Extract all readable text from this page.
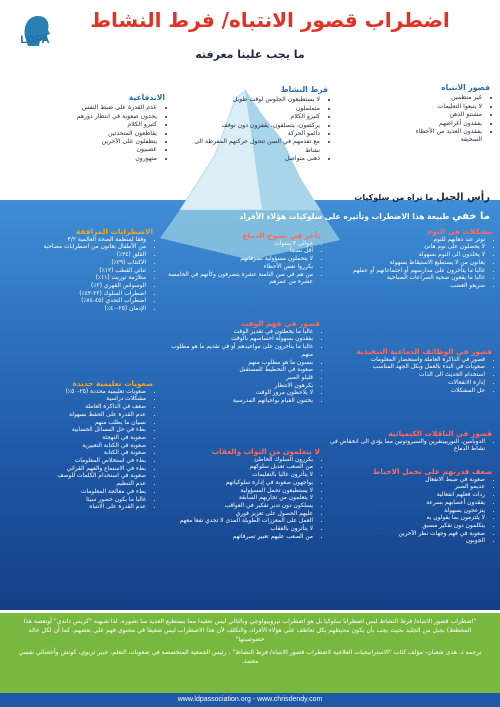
LDPA
اضطراب قصور الانتباه/ فرط النشاط
ما يجب علينا معرفته
قصور الانتباه
• غير منظمين
• لا يتبعوا التعليمات
• مشتتو الذهن
• يفقدون أغراضهم
• يفقدون العديد من الأخطاء السخيفة
فرط النشاط
• لا يستطيعون الجلوس لوقت طويل
• متململون
• كثيرو الكلام
• يركضون، يتسلقون، يقفزون دون توقف
• دائمو الحركة
• مع تقدمهم في السن تتحول حركتهم المفرطة الى نشاط
• ذهنى متواصل
الاندفاعية
• عدم القدرة على ضبط النفس
• يجدون صعوبة في انتظار دورهم
• كثيرو الكلام
• يقاطعون المتحدثين
• يتطفلون على الآخرين
• عصبيون
• متهورون
رأس الجبل ما نراه من سلوكيات
ما خفي طبيعة هذا الاضطراب وتأثيره على سلوكيات هؤلاء الأفراد
مشكلات في النوم
• توتر عند ذهابهم للنوم
• لا يحصلون على نوم هانئ
• لا يخلدون الى النوم بسهولة
• يعانون من لا يستطيع الاستيقاظ بسهولة
• غالبا ما يتأخرون على مدارسهم أو اجتماعاتهم أو عملهم
• غالبا ما يقعون ضحية الصراعات الصباحية
• سريعو الغضب
قصور في الوظائف الدماغية التنفيذية
• قصور في الذاكرة العاملة واستحضار المعلومات
• صعوبات في البدء بالعمل وبكل الجهد المناسب
• استخدام الحديث الى الذات
• إدارة الانفعالات
• حل المشكلات
قصور في الناقلات الكيميائية
• الدوبامين، النوريبينفرين والسيروتونين مما يؤدي الى انخفاض في نشاط الدماغ
ضعف قدرتهم على تحمل الاحباط
• صعوبة في ضبط الانفعال
• عديمو الصبر
• ردات فعلهم انفعالية
• يفقدون أعصابهم بسرعة
• ينزعجون بسهولة
• لا يلتزمون بما يقولون به
• يتكلمون دون تفكير مسبق
• صعوبة في فهم وجهات نظر الآخرين
• الجوبون
تأخر في نضوج الدماغ
• حوالي ٣ سنوات
• أقل نضجاً
• لا يتحملون مسؤولية تصرفاتهم
• يكرروا نفس الأخطاء
• من هم في سن الثامنة عشرة يتصرفون وكأنهم في الخامسة عشرة من عمرهم
قصور في فهم الوقت
• غالبا ما يخطئون في تقدير الوقت
• يفقدون بسهولة احساسهم بالوقت
• غالبا ما يتأخرون على مواعيدهم أو في تقديم ما هو مطلوب منهم
• ينسون ما هو مطلوب منهم
• صعوبة في التخطيط للمستقبل
• قليلو الصبر
• يكرهون الانتظار
• لا يلاحظون مرور الوقت
• يختنون القيام بواجباتهم المدرسية
لا يتعلمون من الثواب والعقاب
• يكررون السلوك الخاطئ
• من الصعب تعديل سلوكهم
• لا يتأثرون غالبا بالتعليمات
• يواجهون صعوبة في إدارة سلوكياتهم
• لا يستطيعون تحمل المسؤولية
• لا يتعلمون من تجاربهم السابقة
• يسلكون دون تدبر تفكير في العواقب
• عليهم الحصول على تعزيز فوري
• العمل على المعززات الطويلة المدى لا تجدي نفعا معهم
• لا يتأثرون بالعقاب
• من الصعب عليهم تغيير تصرفاتهم
الاضطرابات المرافقة
• وفقا لمنظمة الصحة العالمية ٣/٢
• من الأطفال يعانون من اضطرابات مصاحبة
• القلق (٣٤٪)
• الاكتئاب (٢٩٪)
• ثنائي القطب (١٢٪)
• متلازمة توريت (١١٪)
• الوسواس القهري (٢٪)
• اضطراب السلوك (٢٢-٤٣٪)
• اضطراب التحدي (٤٥-٨٤٪)
• الإدمان (٢٥-٤٠٪)
صعوبات تعليمية جديدة
• صعوبات تعليمية محددة (٢٥-٥٠٪)
• مشكلات دراسية
• ضعف في الذاكرة العاملة
• عدم القدرة على الحفظ بسهولة
• نسيان ما يطلب منهم
• بطء في حل المسائل الحسابية
• صعوبة في التهجئة
• صعوبة في الكتابة التعبيرية
• صعوبة في الكتابة
• بطء في استخلاص المعلومات
• بطء في الاستماع والفهم القرائي
• صعوبة في استخدام الكلمات للوصف
• عدم التنظيم
• بطء في معالجة المعلومات
• غالبا ما يكون حضور سيئا
• عدم القدرة على الانتباه

"اضطراب قصور الانتباه/ فرط النشاط ليس اضطرابا سلوكيا بل هو اضطراب نيروبيولوجي وبالتالي ليس تعقيدا مما يستطيع العديد منا تصوره. لذا شبهته "كريس داندي" أوتعصة هذا المخطط) بجبل من الجليد بحيث يجب بأن يكون محيطهم بكل تعاطف على هؤلاء الأفراد، والتكلف لأن هذا الاضطراب ليس ضعيفا في محتوى فهم على بعضهم. كما أن لكل حالة خصوصيتها"

ترجمة د. هدى شعبان- مؤلف كتاب "الاستراتيجيات العلاجية لاضطراب قصور الانتباه/ فرط النشاط" ، رئيس الجمعية المتخصصة في صعوبات التعلم، خبير تربوي، كوتش وأخصائي نفسي معتمد.

www.ldpassociation.org - www.chrisdendy.com
